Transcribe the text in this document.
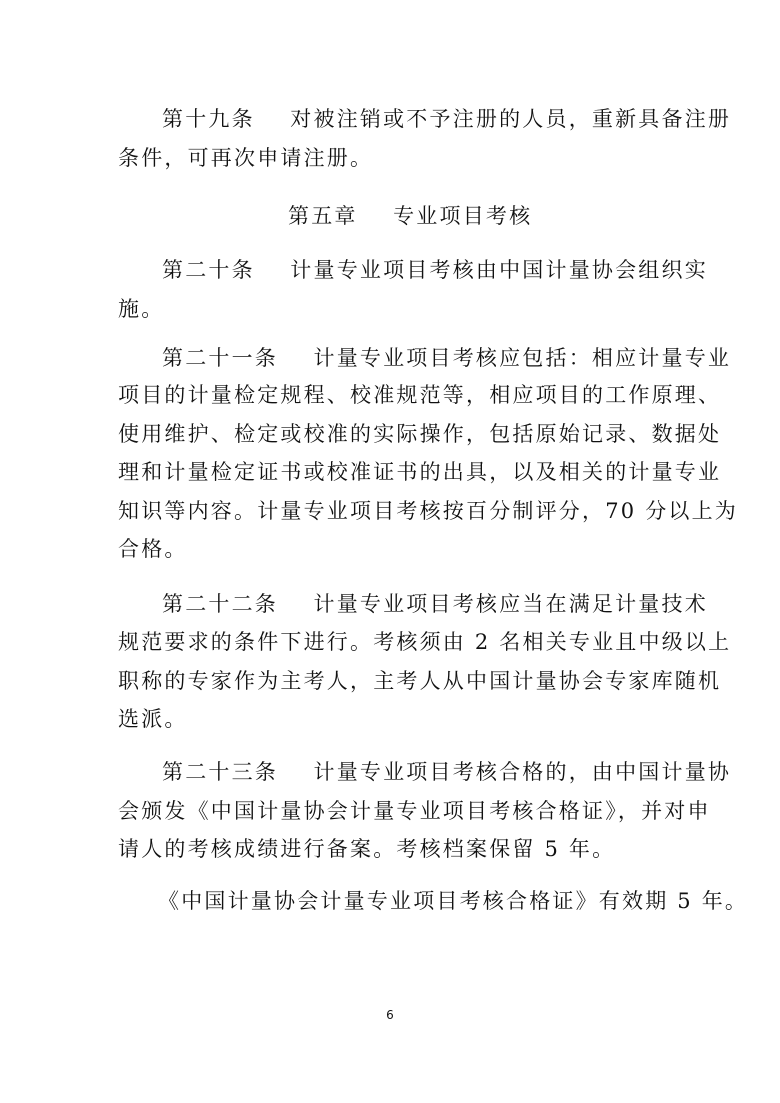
第十九条    对被注销或不予注册的人员，重新具备注册
条件，可再次申请注册。
第五章    专业项目考核
第二十条    计量专业项目考核由中国计量协会组织实
施。
第二十一条    计量专业项目考核应包括：相应计量专业
项目的计量检定规程、校准规范等，相应项目的工作原理、
使用维护、检定或校准的实际操作，包括原始记录、数据处
理和计量检定证书或校准证书的出具，以及相关的计量专业
知识等内容。计量专业项目考核按百分制评分，70 分以上为
合格。
第二十二条    计量专业项目考核应当在满足计量技术
规范要求的条件下进行。考核须由 2 名相关专业且中级以上
职称的专家作为主考人，主考人从中国计量协会专家库随机
选派。
第二十三条    计量专业项目考核合格的，由中国计量协
会颁发《中国计量协会计量专业项目考核合格证》，并对申
请人的考核成绩进行备案。考核档案保留 5 年。
《中国计量协会计量专业项目考核合格证》有效期 5 年。
6
